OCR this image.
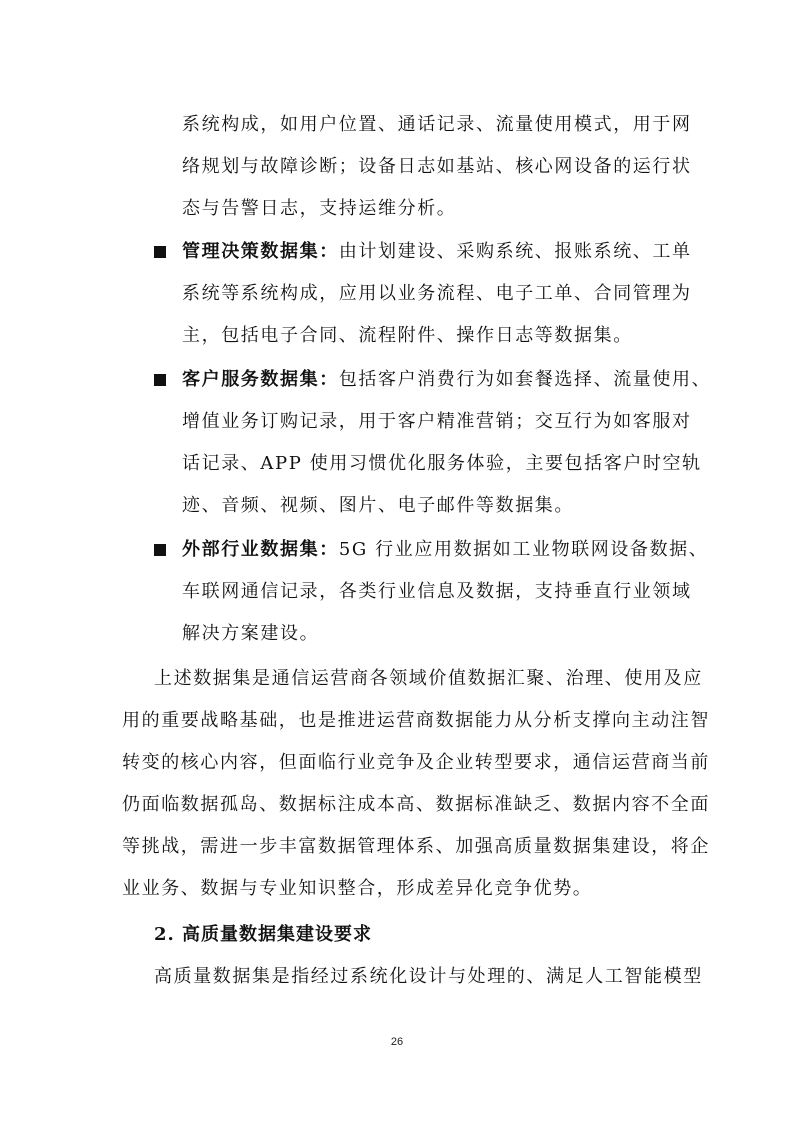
系统构成，如用户位置、通话记录、流量使用模式，用于网
络规划与故障诊断；设备日志如基站、核心网设备的运行状
态与告警日志，支持运维分析。
管理决策数据集：由计划建设、采购系统、报账系统、工单
系统等系统构成，应用以业务流程、电子工单、合同管理为
主，包括电子合同、流程附件、操作日志等数据集。
客户服务数据集：包括客户消费行为如套餐选择、流量使用、
增值业务订购记录，用于客户精准营销；交互行为如客服对
话记录、APP 使用习惯优化服务体验，主要包括客户时空轨
迹、音频、视频、图片、电子邮件等数据集。
外部行业数据集：5G 行业应用数据如工业物联网设备数据、
车联网通信记录，各类行业信息及数据，支持垂直行业领域
解决方案建设。
上述数据集是通信运营商各领域价值数据汇聚、治理、使用及应
用的重要战略基础，也是推进运营商数据能力从分析支撑向主动注智
转变的核心内容，但面临行业竞争及企业转型要求，通信运营商当前
仍面临数据孤岛、数据标注成本高、数据标准缺乏、数据内容不全面
等挑战，需进一步丰富数据管理体系、加强高质量数据集建设，将企
业业务、数据与专业知识整合，形成差异化竞争优势。
2. 高质量数据集建设要求
高质量数据集是指经过系统化设计与处理的、满足人工智能模型
26
